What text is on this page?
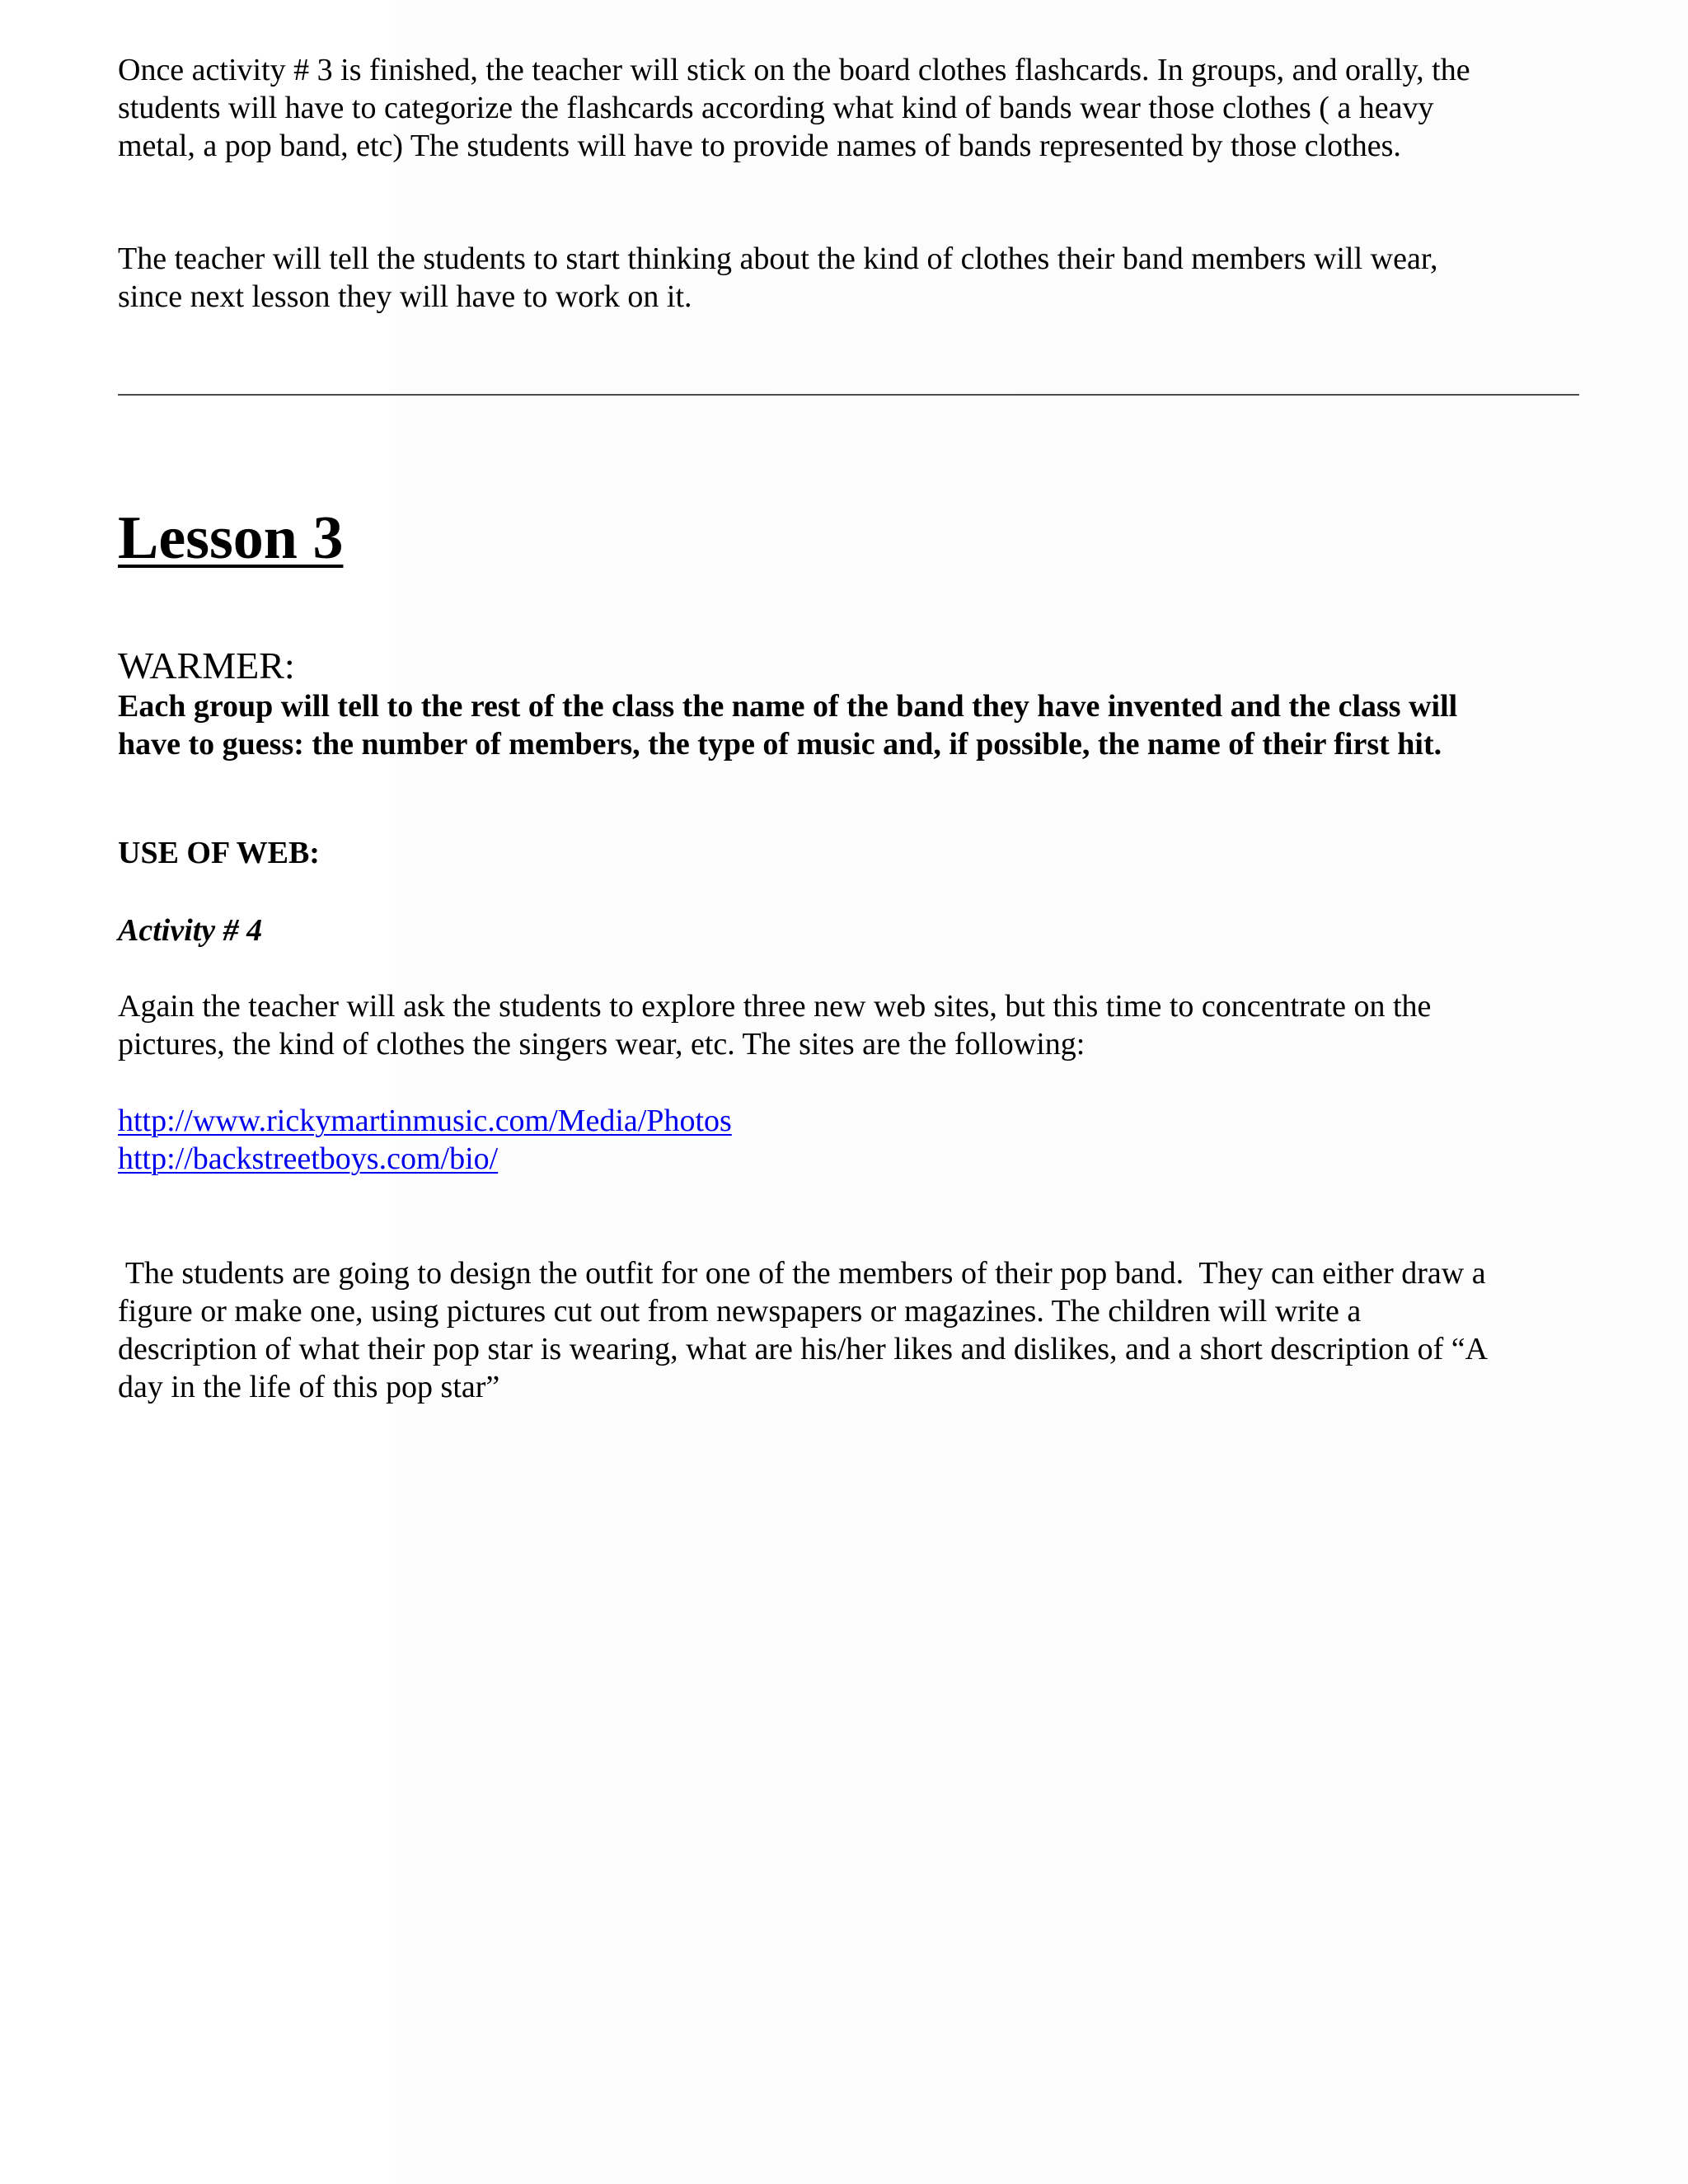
Once activity # 3 is finished, the teacher will stick on the board clothes flashcards. In groups, and orally, the
students will have to categorize the flashcards according what kind of bands wear those clothes ( a heavy
metal, a pop band, etc) The students will have to provide names of bands represented by those clothes.

The teacher will tell the students to start thinking about the kind of clothes their band members will wear,
since next lesson they will have to work on it.

Lesson 3
WARMER:

Each group will tell to the rest of the class the name of the band they have invented and the class will
have to guess: the number of members, the type of music and, if possible, the name of their first hit.

USE OF WEB:
Activity # 4

Again the teacher will ask the students to explore three new web sites, but this time to concentrate on the
pictures, the kind of clothes the singers wear, etc. The sites are the following:

http://www.rickymartinmusic.com/Media/Photos
http://backstreetboys.com/bio/

The students are going to design the outfit for one of the members of their pop band.  They can either draw a
figure or make one, using pictures cut out from newspapers or magazines. The children will write a
description of what their pop star is wearing, what are his/her likes and dislikes, and a short description of “A
day in the life of this pop star”
